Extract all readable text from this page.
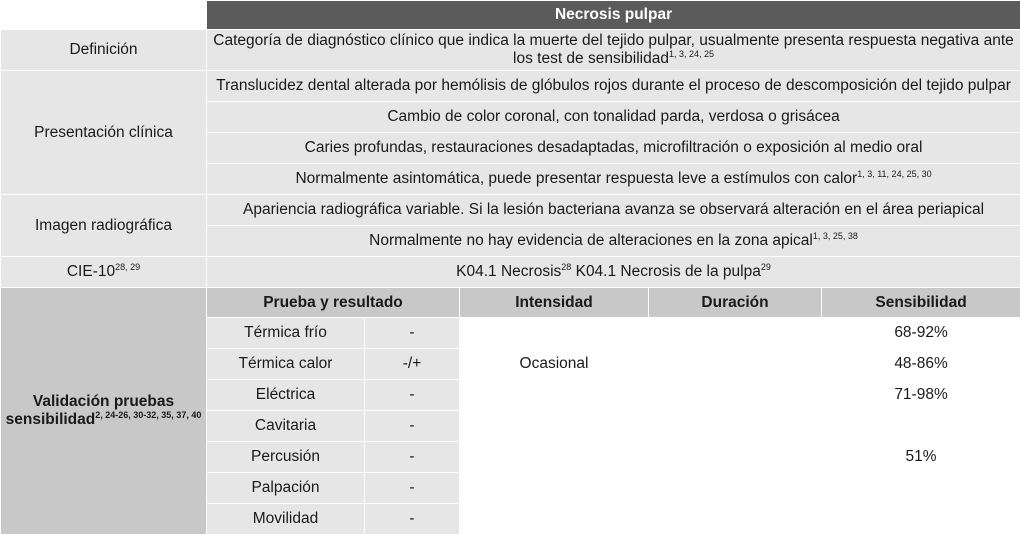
	Necrosis pulpar				
Definición	Categoría de diagnóstico clínico que indica la muerte del tejido pulpar, usualmente presenta respuesta negativa ante los test de sensibilidad$^{1, 3, 24, 25}$
Presentación clínica	Translucidez dental alterada por hemólisis de glóbulos rojos durante el proceso de descomposición del tejido pulpar				
	Cambio de color coronal, con tonalidad parda, verdosa o grisácea				
	Caries profundas, restauraciones desadaptadas, microfiltración o exposición al medio oral				
	Normalmente asintomática, puede presentar respuesta leve a estímulos con calor$^{1, 3, 11, 24, 25, 30}$
Imagen radiográfica	Apariencia radiográfica variable. Si la lesión bacteriana avanza se observará alteración en el área periapical				
	Normalmente no hay evidencia de alteraciones en la zona apical$^{1, 3, 25, 38}$
CIE-10$^{28, 29}$	K04.1 Necrosis$^{28}$ K04.1 Necrosis de la pulpa$^{29}$
Validación pruebas sensibilidad$^{2, 24-26, 30-32, 35, 37, 40}$	Prueba y resultado		Intensidad	Duración	Sensibilidad
	Térmica frío	-			68-92%
	Térmica calor	-/+	Ocasional		48-86%
	Eléctrica	-			71-98%
	Cavitaria	-			
	Percusión	-			51%
	Palpación	-			
	Movilidad	-			
